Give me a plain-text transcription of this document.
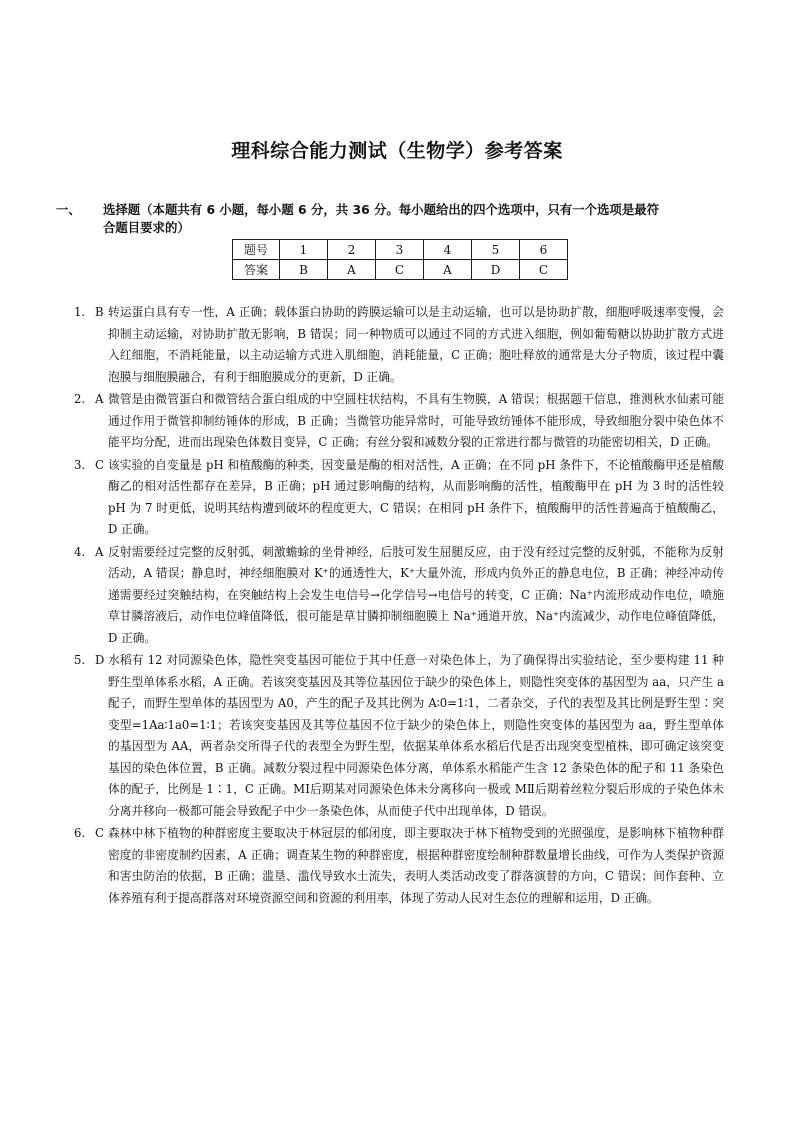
理科综合能力测试（生物学）参考答案
一、	选择题（本题共有 6 小题，每小题 6 分，共 36 分。每小题给出的四个选项中，只有一个选项是最符
合题目要求的）
题号	1	2	3	4	5	6
答案	B	A	C	A	D	C
1. B 转运蛋白具有专一性，A 正确；载体蛋白协助的跨膜运输可以是主动运输，也可以是协助扩散，细胞呼吸速率变慢，会抑制主动运输，对协助扩散无影响，B 错误；同一种物质可以通过不同的方式进入细胞，例如葡萄糖以协助扩散方式进入红细胞，不消耗能量，以主动运输方式进入肌细胞，消耗能量，C 正确；胞吐释放的通常是大分子物质，该过程中囊泡膜与细胞膜融合，有利于细胞膜成分的更新，D 正确。
2. A 微管是由微管蛋白和微管结合蛋白组成的中空圆柱状结构，不具有生物膜，A 错误；根据题干信息，推测秋水仙素可能通过作用于微管抑制纺锤体的形成，B 正确；当微管功能异常时，可能导致纺锤体不能形成，导致细胞分裂中染色体不能平均分配，进而出现染色体数目变异，C 正确；有丝分裂和减数分裂的正常进行都与微管的功能密切相关，D 正确。
3. C 该实验的自变量是 pH 和植酸酶的种类，因变量是酶的相对活性，A 正确；在不同 pH 条件下，不论植酸酶甲还是植酸酶乙的相对活性都存在差异，B 正确；pH 通过影响酶的结构，从而影响酶的活性，植酸酶甲在 pH 为 3 时的活性较 pH 为 7 时更低，说明其结构遭到破坏的程度更大，C 错误；在相同 pH 条件下，植酸酶甲的活性普遍高于植酸酶乙，D 正确。
4. A 反射需要经过完整的反射弧，刺激蟾蜍的坐骨神经，后肢可发生屈腿反应，由于没有经过完整的反射弧，不能称为反射活动，A 错误；静息时，神经细胞膜对 K⁺的通透性大，K⁺大量外流，形成内负外正的静息电位，B 正确；神经冲动传递需要经过突触结构，在突触结构上会发生电信号→化学信号→电信号的转变，C 正确；Na⁺内流形成动作电位，喷施草甘膦溶液后，动作电位峰值降低，很可能是草甘膦抑制细胞膜上 Na⁺通道开放，Na⁺内流减少，动作电位峰值降低，D 正确。
5. D 水稻有 12 对同源染色体，隐性突变基因可能位于其中任意一对染色体上，为了确保得出实验结论，至少要构建 11 种野生型单体系水稻，A 正确。若该突变基因及其等位基因位于缺少的染色体上，则隐性突变体的基因型为 aa，只产生 a 配子，而野生型单体的基因型为 A0，产生的配子及其比例为 A∶0=1∶1，二者杂交，子代的表型及其比例是野生型∶突变型=1Aa∶1a0=1∶1；若该突变基因及其等位基因不位于缺少的染色体上，则隐性突变体的基因型为 aa，野生型单体的基因型为 AA，两者杂交所得子代的表型全为野生型，依据某单体系水稻后代是否出现突变型植株，即可确定该突变基因的染色体位置，B 正确。减数分裂过程中同源染色体分离，单体系水稻能产生含 12 条染色体的配子和 11 条染色体的配子，比例是 1∶1，C 正确。MⅠ后期某对同源染色体未分离移向一极或 MⅡ后期着丝粒分裂后形成的子染色体未分离并移向一极都可能会导致配子中少一条染色体，从而使子代中出现单体，D 错误。
6. C 森林中林下植物的种群密度主要取决于林冠层的郁闭度，即主要取决于林下植物受到的光照强度，是影响林下植物种群密度的非密度制约因素，A 正确；调查某生物的种群密度，根据种群密度绘制种群数量增长曲线，可作为人类保护资源和害虫防治的依据，B 正确；滥垦、滥伐导致水土流失，表明人类活动改变了群落演替的方向，C 错误；间作套种、立体养殖有利于提高群落对环境资源空间和资源的利用率，体现了劳动人民对生态位的理解和运用，D 正确。
